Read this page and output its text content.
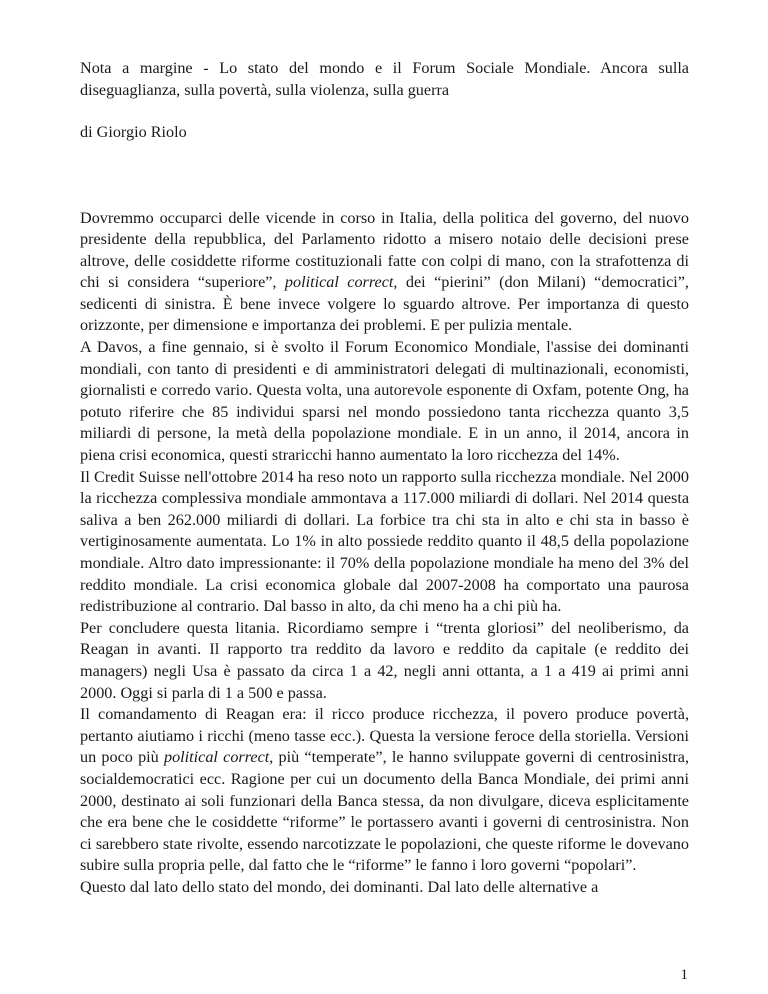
Nota a margine - Lo stato del mondo e il Forum Sociale Mondiale. Ancora sulla diseguaglianza, sulla povertà, sulla violenza, sulla guerra

di Giorgio Riolo

Dovremmo occuparci delle vicende in corso in Italia, della politica del governo, del nuovo presidente della repubblica, del Parlamento ridotto a misero notaio delle decisioni prese altrove, delle cosiddette riforme costituzionali fatte con colpi di mano, con la strafottenza di chi si considera “superiore”, political correct, dei “pierini” (don Milani) “democratici”, sedicenti di sinistra. È bene invece volgere lo sguardo altrove. Per importanza di questo orizzonte, per dimensione e importanza dei problemi. E per pulizia mentale.

A Davos, a fine gennaio, si è svolto il Forum Economico Mondiale, l'assise dei dominanti mondiali, con tanto di presidenti e di amministratori delegati di multinazionali, economisti, giornalisti e corredo vario. Questa volta, una autorevole esponente di Oxfam, potente Ong, ha potuto riferire che 85 individui sparsi nel mondo possiedono tanta ricchezza quanto 3,5 miliardi di persone, la metà della popolazione mondiale. E in un anno, il 2014, ancora in piena crisi economica, questi straricchi hanno aumentato la loro ricchezza del 14%.

Il Credit Suisse nell'ottobre 2014 ha reso noto un rapporto sulla ricchezza mondiale. Nel 2000 la ricchezza complessiva mondiale ammontava a 117.000 miliardi di dollari. Nel 2014 questa saliva a ben 262.000 miliardi di dollari. La forbice tra chi sta in alto e chi sta in basso è vertiginosamente aumentata. Lo 1% in alto possiede reddito quanto il 48,5 della popolazione mondiale. Altro dato impressionante: il 70% della popolazione mondiale ha meno del 3% del reddito mondiale. La crisi economica globale dal 2007-2008 ha comportato una paurosa redistribuzione al contrario. Dal basso in alto, da chi meno ha a chi più ha.

Per concludere questa litania. Ricordiamo sempre i “trenta gloriosi” del neoliberismo, da Reagan in avanti. Il rapporto tra reddito da lavoro e reddito da capitale (e reddito dei managers) negli Usa è passato da circa 1 a 42, negli anni ottanta, a 1 a 419 ai primi anni 2000. Oggi si parla di 1 a 500 e passa.

Il comandamento di Reagan era: il ricco produce ricchezza, il povero produce povertà, pertanto aiutiamo i ricchi (meno tasse ecc.). Questa la versione feroce della storiella. Versioni un poco più political correct, più “temperate”, le hanno sviluppate governi di centrosinistra, socialdemocratici ecc. Ragione per cui un documento della Banca Mondiale, dei primi anni 2000, destinato ai soli funzionari della Banca stessa, da non divulgare, diceva esplicitamente che era bene che le cosiddette “riforme” le portassero avanti i governi di centrosinistra. Non ci sarebbero state rivolte, essendo narcotizzate le popolazioni, che queste riforme le dovevano subire sulla propria pelle, dal fatto che le “riforme” le fanno i loro governi “popolari”.

Questo dal lato dello stato del mondo, dei dominanti. Dal lato delle alternative a

1
